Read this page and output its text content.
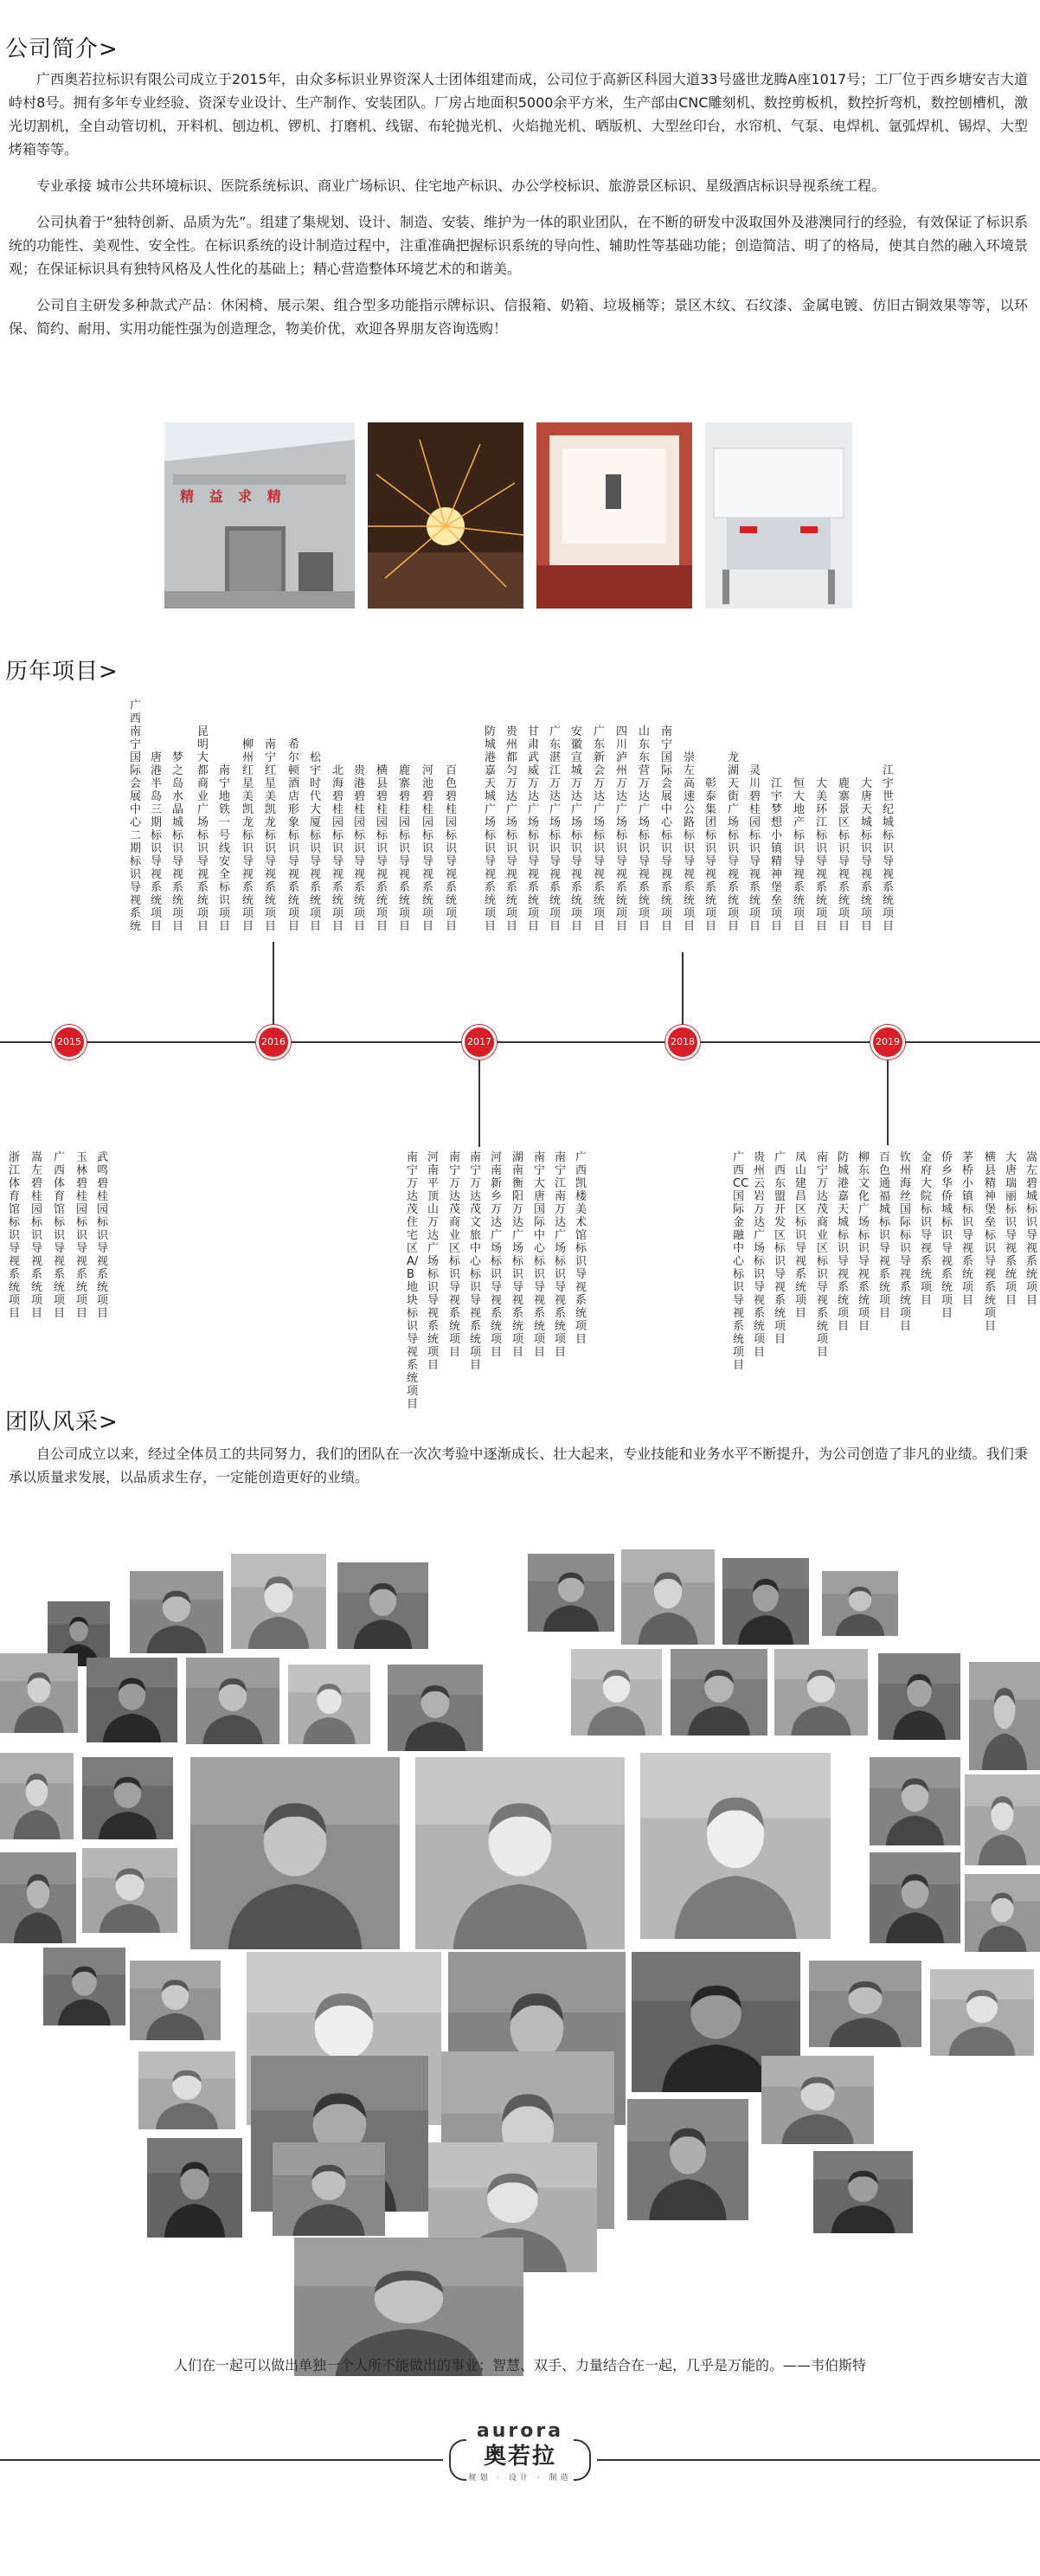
公司简介>

广西奥若拉标识有限公司成立于2015年，由众多标识业界资深人士团体组建而成，公司位于高新区科园大道33号盛世龙腾A座1017号；工厂位于西乡塘安吉大道峙村8号。拥有多年专业经验、资深专业设计、生产制作、安装团队。厂房占地面积5000余平方米，生产部由CNC雕刻机、数控剪板机，数控折弯机，数控刨槽机，激光切割机，全自动管切机，开料机、刨边机、锣机、打磨机、线锯、布轮抛光机、火焰抛光机、晒版机、大型丝印台，水帘机、气泵、电焊机、氩弧焊机、锡焊、大型烤箱等等。

专业承接 城市公共环境标识、医院系统标识、商业广场标识、住宅地产标识、办公学校标识、旅游景区标识、星级酒店标识导视系统工程。

公司执着于“独特创新、品质为先”。组建了集规划、设计、制造、安装、维护为一体的职业团队，在不断的研发中汲取国外及港澳同行的经验，有效保证了标识系统的功能性、美观性、安全性。在标识系统的设计制造过程中，注重准确把握标识系统的导向性、辅助性等基础功能；创造简洁、明了的格局，使其自然的融入环境景观；在保证标识具有独特风格及人性化的基础上；精心营造整体环境艺术的和谐美。

公司自主研发多种款式产品：休闲椅、展示架、组合型多功能指示牌标识、信报箱、奶箱、垃圾桶等；景区木纹、石纹漆、金属电镀、仿旧古铜效果等等，以环保、简约、耐用、实用功能性强为创造理念，物美价优，欢迎各界朋友咨询选购！

精 益 求 精
历年项目>
广西南宁国际会展中心二期标识导视系统
唐港半岛三期标识导视系统项目
梦之岛水晶城标识导视系统项目
昆明大都商业广场标识导视系统项目
南宁地铁一号线安全标识项目
柳州红星美凯龙标识导视系统项目
南宁红星美凯龙标识导视系统项目
希尔顿酒店形象标识导视系统项目
松宇时代大厦标识导视系统项目
北海碧桂园标识导视系统项目
贵港碧桂园标识导视系统项目
横县碧桂园标识导视系统项目
鹿寨碧桂园标识导视系统项目
河池碧桂园标识导视系统项目
百色碧桂园标识导视系统项目
防城港嘉天城广场标识导视系统项目
贵州都匀万达广场标识导视系统项目
甘肃武威万达广场标识导视系统项目
广东湛江万达广场标识导视系统项目
安徽宣城万达广场标识导视系统项目
广东新会万达广场标识导视系统项目
四川泸州万达广场标识导视系统项目
山东东营万达广场标识导视系统项目
南宁国际会展中心标识导视系统项目
崇左高速公路标识导视系统项目
彰泰集团标识导视系统项目
龙湖天街广场标识导视系统项目
灵川碧桂园标识导视系统项目
江宇梦想小镇精神堡垒项目
恒大地产标识导视系统项目
大美环江标识导视系统项目
鹿寨景区标识导视系统项目
大唐天城标识导视系统项目
江宇世纪城标识导视系统项目
浙江体育馆标识导视系统项目
嵩左碧桂园标识导视系统项目
广西体育馆标识导视系统项目
玉林碧桂园标识导视系统项目
武鸣碧桂园标识导视系统项目
南宁万达茂住宅区A/B地块标识导视系统项目
河南平顶山万达广场标识导视系统项目
南宁万达茂商业区标识导视系统项目
南宁万达茂文旅中心标识导视系统项目
河南新乡万达广场标识导视系统项目
湖南衡阳万达广场标识导视系统项目
南宁大唐国际中心标识导视系统项目
南宁江南万达广场标识导视系统项目
广西凯楼美术馆标识导视系统项目
广西CC国际金融中心标识导视系统项目
贵州云岩万达广场标识导视系统项目
广西东盟开发区标识导视系统项目
凤山建昌区标识导视系统项目
南宁万达茂商业区标识导视系统项目
防城港嘉天城标识导视系统项目
柳东文化广场标识导视系统项目
百色通福城标识导视系统项目
钦州海丝国际标识导视系统项目
金府大院标识导视系统项目
侨乡华侨城标识导视系统项目
茅桥小镇标识导视系统项目
横县精神堡垒标识导视系统项目
大唐瑞丽标识导视系统项目
嵩左碧城标识导视系统项目
2015	2016	2017	2018	2019
团队风采>
自公司成立以来，经过全体员工的共同努力，我们的团队在一次次考验中逐渐成长、壮大起来，专业技能和业务水平不断提升，为公司创造了非凡的业绩。我们秉承以质量求发展，以品质求生存，一定能创造更好的业绩。
人们在一起可以做出单独一个人所不能做出的事业；智慧、双手、力量结合在一起，几乎是万能的。——韦伯斯特
aurora
奥若拉
规划 · 设计 · 制造
